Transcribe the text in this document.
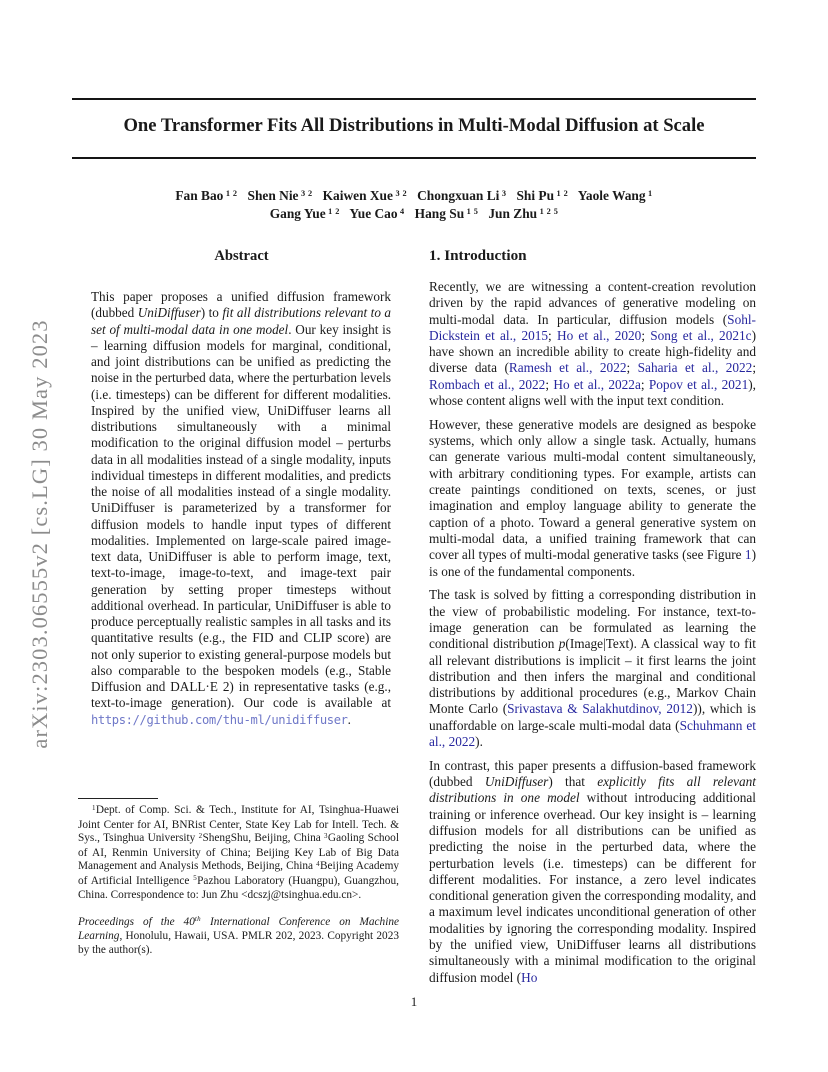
arXiv:2303.06555v2 [cs.LG] 30 May 2023
One Transformer Fits All Distributions in Multi-Modal Diffusion at Scale
Fan Bao $^{1 2}$ Shen Nie $^{3 2}$ Kaiwen Xue $^{3 2}$ Chongxuan Li $^3$ Shi Pu $^{1 2}$ Yaole Wang $^1$
Gang Yue $^{1 2}$ Yue Cao $^4$ Hang Su $^{1 5}$ Jun Zhu $^{1 2 5}$
Abstract
This paper proposes a unified diffusion framework (dubbed UniDiffuser) to fit all distributions relevant to a set of multi-modal data in one model. Our key insight is – learning diffusion models for marginal, conditional, and joint distributions can be unified as predicting the noise in the perturbed data, where the perturbation levels (i.e. timesteps) can be different for different modalities. Inspired by the unified view, UniDiffuser learns all distributions simultaneously with a minimal modification to the original diffusion model – perturbs data in all modalities instead of a single modality, inputs individual timesteps in different modalities, and predicts the noise of all modalities instead of a single modality. UniDiffuser is parameterized by a transformer for diffusion models to handle input types of different modalities. Implemented on large-scale paired image-text data, UniDiffuser is able to perform image, text, text-to-image, image-to-text, and image-text pair generation by setting proper timesteps without additional overhead. In particular, UniDiffuser is able to produce perceptually realistic samples in all tasks and its quantitative results (e.g., the FID and CLIP score) are not only superior to existing general-purpose models but also comparable to the bespoken models (e.g., Stable Diffusion and DALL·E 2) in representative tasks (e.g., text-to-image generation). Our code is available at https://github.com/thu-ml/unidiffuser.
$^1$Dept. of Comp. Sci. & Tech., Institute for AI, Tsinghua-Huawei Joint Center for AI, BNRist Center, State Key Lab for Intell. Tech. & Sys., Tsinghua University $^2$ShengShu, Beijing, China $^3$Gaoling School of AI, Renmin University of China; Beijing Key Lab of Big Data Management and Analysis Methods, Beijing, China $^4$Beijing Academy of Artificial Intelligence $^5$Pazhou Laboratory (Huangpu), Guangzhou, China. Correspondence to: Jun Zhu <dcszj@tsinghua.edu.cn>.
Proceedings of the 40th International Conference on Machine Learning, Honolulu, Hawaii, USA. PMLR 202, 2023. Copyright 2023 by the author(s).
1. Introduction

Recently, we are witnessing a content-creation revolution driven by the rapid advances of generative modeling on multi-modal data. In particular, diffusion models (Sohl-Dickstein et al., 2015; Ho et al., 2020; Song et al., 2021c) have shown an incredible ability to create high-fidelity and diverse data (Ramesh et al., 2022; Saharia et al., 2022; Rombach et al., 2022; Ho et al., 2022a; Popov et al., 2021), whose content aligns well with the input text condition.

However, these generative models are designed as bespoke systems, which only allow a single task. Actually, humans can generate various multi-modal content simultaneously, with arbitrary conditioning types. For example, artists can create paintings conditioned on texts, scenes, or just imagination and employ language ability to generate the caption of a photo. Toward a general generative system on multi-modal data, a unified training framework that can cover all types of multi-modal generative tasks (see Figure 1) is one of the fundamental components.

The task is solved by fitting a corresponding distribution in the view of probabilistic modeling. For instance, text-to-image generation can be formulated as learning the conditional distribution p(Image|Text). A classical way to fit all relevant distributions is implicit – it first learns the joint distribution and then infers the marginal and conditional distributions by additional procedures (e.g., Markov Chain Monte Carlo (Srivastava & Salakhutdinov, 2012)), which is unaffordable on large-scale multi-modal data (Schuhmann et al., 2022).

In contrast, this paper presents a diffusion-based framework (dubbed UniDiffuser) that explicitly fits all relevant distributions in one model without introducing additional training or inference overhead. Our key insight is – learning diffusion models for all distributions can be unified as predicting the noise in the perturbed data, where the perturbation levels (i.e. timesteps) can be different for different modalities. For instance, a zero level indicates conditional generation given the corresponding modality, and a maximum level indicates unconditional generation of other modalities by ignoring the corresponding modality. Inspired by the unified view, UniDiffuser learns all distributions simultaneously with a minimal modification to the original diffusion model (Ho

1
